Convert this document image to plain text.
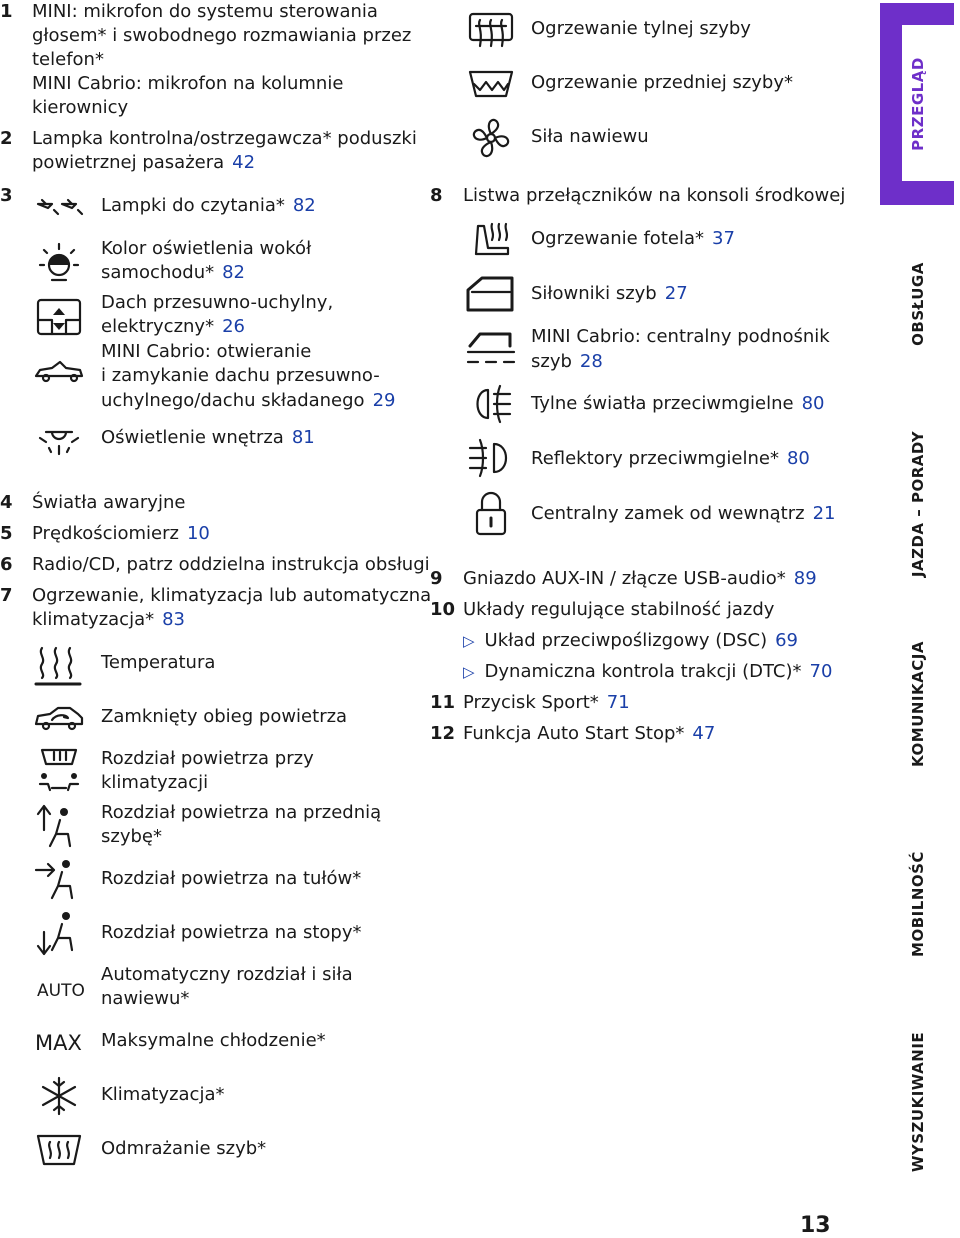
1 MINI: mikrofon do systemu sterowania
głosem* i swobodnego rozmawiania przez
telefon*
MINI Cabrio: mikrofon na kolumnie
kierownicy
2 Lampka kontrolna/ostrzegawcza* poduszki
powietrznej pasażera 42
3	Lampki do czytania* 82
Kolor oświetlenia wokół
samochodu* 82
Dach przesuwno-uchylny,
elektryczny* 26
MINI Cabrio: otwieranie
i zamykanie dachu przesuwno-
uchylnego/dachu składanego 29
Oświetlenie wnętrza 81
4 Światła awaryjne
5 Prędkościomierz 10
6 Radio/CD, patrz oddzielna instrukcja obsługi
7 Ogrzewanie, klimatyzacja lub automatyczna
klimatyzacja* 83
Temperatura
Zamknięty obieg powietrza
Rozdział powietrza przy
klimatyzacji
Rozdział powietrza na przednią
szybę*
Rozdział powietrza na tułów*
Rozdział powietrza na stopy*
AUTO
Automatyczny rozdział i siła
nawiewu*
MAX Maksymalne chłodzenie*
Klimatyzacja*
Odmrażanie szyb*
Ogrzewanie tylnej szyby
Ogrzewanie przedniej szyby*
Siła nawiewu
8 Listwa przełączników na konsoli środkowej
Ogrzewanie fotela* 37
Siłowniki szyb 27
MINI Cabrio: centralny podnośnik
szyb 28
Tylne światła przeciwmgielne 80
Reflektory przeciwmgielne* 80
Centralny zamek od wewnątrz 21
9 Gniazdo AUX-IN / złącze USB-audio* 89
10 Układy regulujące stabilność jazdy
▷ Układ przeciwpoślizgowy (DSC) 69
▷ Dynamiczna kontrola trakcji (DTC)* 70
11 Przycisk Sport* 71
12 Funkcja Auto Start Stop* 47
PRZEGLĄD
OBSŁUGA
JAZDA – PORADY
KOMUNIKACJA
MOBILNOŚĆ
WYSZUKIWANIE
13
